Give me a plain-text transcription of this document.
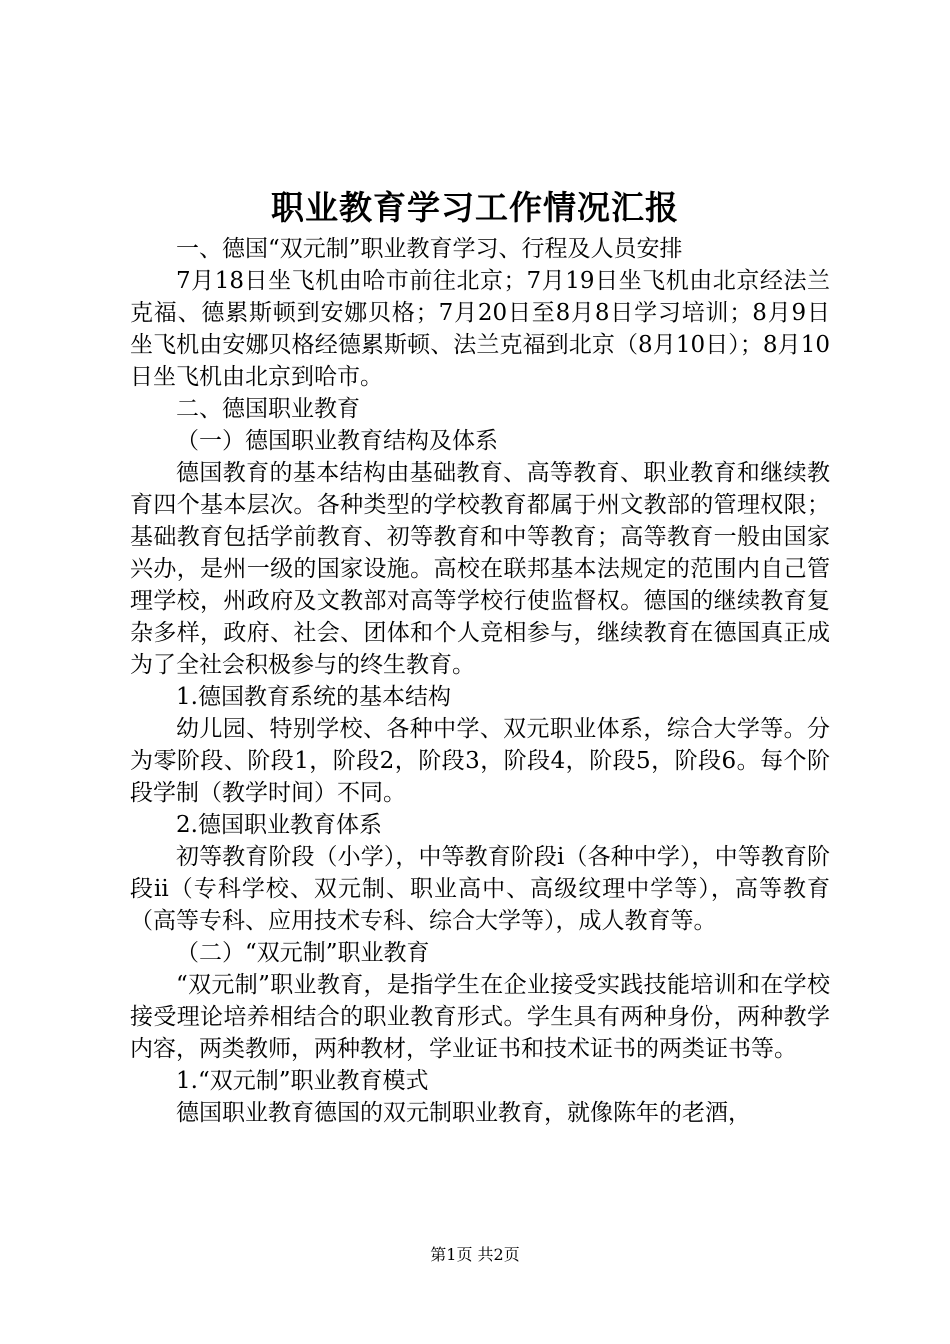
职业教育学习工作情况汇报

一、德国“双元制”职业教育学习、行程及人员安排

7月18日坐飞机由哈市前往北京；7月19日坐飞机由北京经法兰克福、德累斯顿到安娜贝格；7月20日至8月8日学习培训；8月9日坐飞机由安娜贝格经德累斯顿、法兰克福到北京（8月10日）；8月10日坐飞机由北京到哈市。

二、德国职业教育

（一）德国职业教育结构及体系

德国教育的基本结构由基础教育、高等教育、职业教育和继续教育四个基本层次。各种类型的学校教育都属于州文教部的管理权限；基础教育包括学前教育、初等教育和中等教育；高等教育一般由国家兴办，是州一级的国家设施。高校在联邦基本法规定的范围内自己管理学校，州政府及文教部对高等学校行使监督权。德国的继续教育复杂多样，政府、社会、团体和个人竞相参与，继续教育在德国真正成为了全社会积极参与的终生教育。

1.德国教育系统的基本结构

幼儿园、特别学校、各种中学、双元职业体系，综合大学等。分为零阶段、阶段1，阶段2，阶段3，阶段4，阶段5，阶段6。每个阶段学制（教学时间）不同。

2.德国职业教育体系

初等教育阶段（小学），中等教育阶段ⅰ（各种中学），中等教育阶段ⅱ（专科学校、双元制、职业高中、高级纹理中学等），高等教育（高等专科、应用技术专科、综合大学等），成人教育等。

（二）“双元制”职业教育

“双元制”职业教育，是指学生在企业接受实践技能培训和在学校接受理论培养相结合的职业教育形式。学生具有两种身份，两种教学内容，两类教师，两种教材，学业证书和技术证书的两类证书等。

1.“双元制”职业教育模式

德国职业教育德国的双元制职业教育，就像陈年的老酒，

第1页 共2页
